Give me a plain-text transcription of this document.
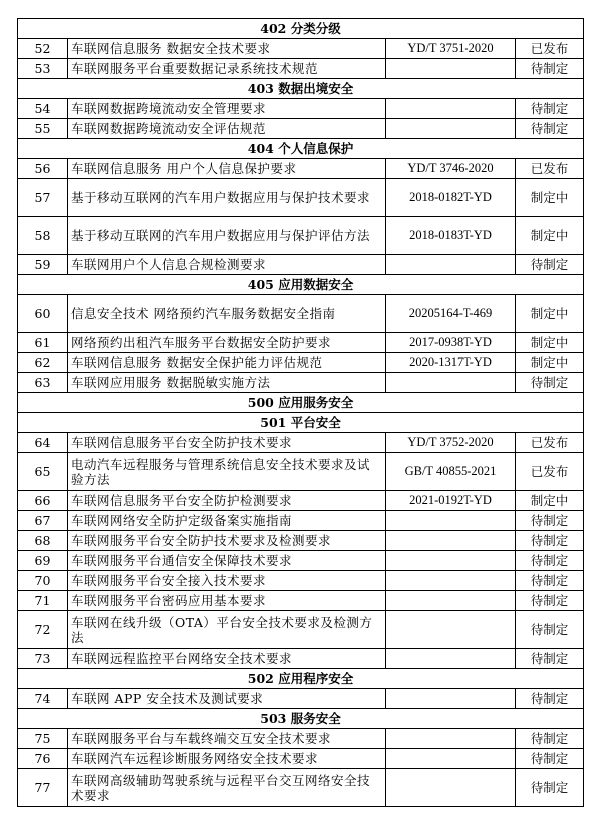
402 分类分级			
52	车联网信息服务 数据安全技术要求	YD/T 3751-2020	已发布
53	车联网服务平台重要数据记录系统技术规范		待制定
403 数据出境安全			
54	车联网数据跨境流动安全管理要求		待制定
55	车联网数据跨境流动安全评估规范		待制定
404 个人信息保护			
56	车联网信息服务 用户个人信息保护要求	YD/T 3746-2020	已发布
57	基于移动互联网的汽车用户数据应用与保护技术要求	2018-0182T-YD	制定中
58	基于移动互联网的汽车用户数据应用与保护评估方法	2018-0183T-YD	制定中
59	车联网用户个人信息合规检测要求		待制定
405 应用数据安全			
60	信息安全技术 网络预约汽车服务数据安全指南	20205164-T-469	制定中
61	网络预约出租汽车服务平台数据安全防护要求	2017-0938T-YD	制定中
62	车联网信息服务 数据安全保护能力评估规范	2020-1317T-YD	制定中
63	车联网应用服务 数据脱敏实施方法		待制定
500 应用服务安全			
501 平台安全			
64	车联网信息服务平台安全防护技术要求	YD/T 3752-2020	已发布
65	电动汽车远程服务与管理系统信息安全技术要求及试验方法	GB/T 40855-2021	已发布
66	车联网信息服务平台安全防护检测要求	2021-0192T-YD	制定中
67	车联网网络安全防护定级备案实施指南		待制定
68	车联网服务平台安全防护技术要求及检测要求		待制定
69	车联网服务平台通信安全保障技术要求		待制定
70	车联网服务平台安全接入技术要求		待制定
71	车联网服务平台密码应用基本要求		待制定
72	车联网在线升级（OTA）平台安全技术要求及检测方法		待制定
73	车联网远程监控平台网络安全技术要求		待制定
502 应用程序安全			
74	车联网 APP 安全技术及测试要求		待制定
503 服务安全			
75	车联网服务平台与车载终端交互安全技术要求		待制定
76	车联网汽车远程诊断服务网络安全技术要求		待制定
77	车联网高级辅助驾驶系统与远程平台交互网络安全技术要求		待制定
